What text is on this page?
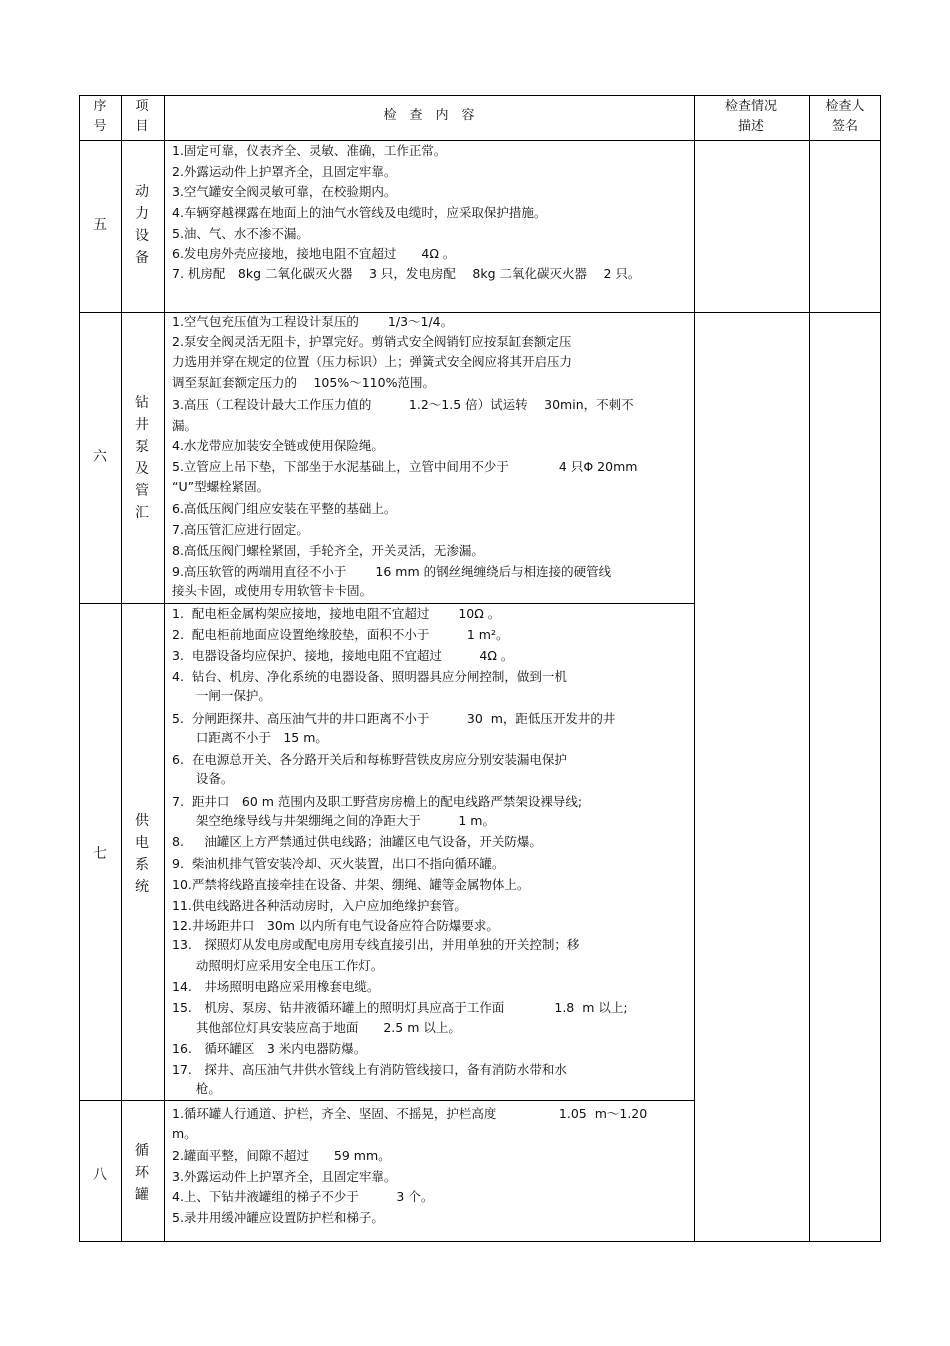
序号
项目
检　查　内　容
检查情况描述
检查人签名
五
动
力
设
备
1.固定可靠，仪表齐全、灵敏、准确，工作正常。
2.外露运动件上护罩齐全，且固定牢靠。
3.空气罐安全阀灵敏可靠，在校验期内。
4.车辆穿越裸露在地面上的油气水管线及电缆时，应采取保护措施。
5.油、气、水不渗不漏。
6.发电房外壳应接地，接地电阻不宜超过　　4Ω 。
7. 机房配　8kg 二氧化碳灭火器　 3 只，发电房配　 8kg 二氧化碳灭火器　 2 只。
六
钻
井
泵
及
管
汇
1.空气包充压值为工程设计泵压的　　 1/3～1/4。
2.泵安全阀灵活无阻卡，护罩完好。剪销式安全阀销钉应按泵缸套额定压
力选用并穿在规定的位置（压力标识）上；弹簧式安全阀应将其开启压力
调至泵缸套额定压力的　 105%～110%范围。
3.高压（工程设计最大工作压力值的　　　1.2～1.5 倍）试运转　 30min，不刺不
漏。
4.水龙带应加装安全链或使用保险绳。
5.立管应上吊下垫，下部坐于水泥基础上，立管中间用不少于　　　　4 只Φ 20mm
“U”型螺栓紧固。
6.高低压阀门组应安装在平整的基础上。
7.高压管汇应进行固定。
8.高低压阀门螺栓紧固，手轮齐全，开关灵活，无渗漏。
9.高压软管的两端用直径不小于　　 16 mm 的钢丝绳缠绕后与相连接的硬管线
接头卡固，或使用专用软管卡卡固。
七
供
电
系
统
1.  配电柜金属构架应接地，接地电阻不宜超过　　 10Ω 。
2.  配电柜前地面应设置绝缘胶垫，面积不小于　　　1 m²。
3.  电器设备均应保护、接地，接地电阻不宜超过　　　4Ω 。
4.  钻台、机房、净化系统的电器设备、照明器具应分闸控制，做到一机
一闸一保护。
5.  分闸距探井、高压油气井的井口距离不小于　　　30  m，距低压开发井的井
口距离不小于　15 m。
6.  在电源总开关、各分路开关后和每栋野营铁皮房应分别安装漏电保护
设备。
7.  距井口　60 m 范围内及职工野营房房檐上的配电线路严禁架设裸导线;
架空绝缘导线与井架绷绳之间的净距大于　　　1 m。
8.　  油罐区上方严禁通过供电线路；油罐区电气设备，开关防爆。
9.  柴油机排气管安装冷却、灭火装置，出口不指向循环罐。
10.严禁将线路直接牵挂在设备、井架、绷绳、罐等金属物体上。
11.供电线路进各种活动房时，入户应加绝缘护套管。
12.井场距井口　30m 以内所有电气设备应符合防爆要求。
13.　探照灯从发电房或配电房用专线直接引出，并用单独的开关控制；移
动照明灯应采用安全电压工作灯。
14.　井场照明电路应采用橡套电缆。
15.　机房、泵房、钻井液循环罐上的照明灯具应高于工作面　　　　1.8  m 以上;
其他部位灯具安装应高于地面　　2.5 m 以上。
16.　循环罐区　3 米内电器防爆。
17.　探井、高压油气井供水管线上有消防管线接口，备有消防水带和水
枪。
八
循
环
罐
1.循环罐人行通道、护栏，齐全、坚固、不摇晃，护栏高度　　　　　1.05  m～1.20
m。
2.罐面平整，间隙不超过　　59 mm。
3.外露运动件上护罩齐全，且固定牢靠。
4.上、下钻井液罐组的梯子不少于　　　3 个。
5.录井用缓冲罐应设置防护栏和梯子。
